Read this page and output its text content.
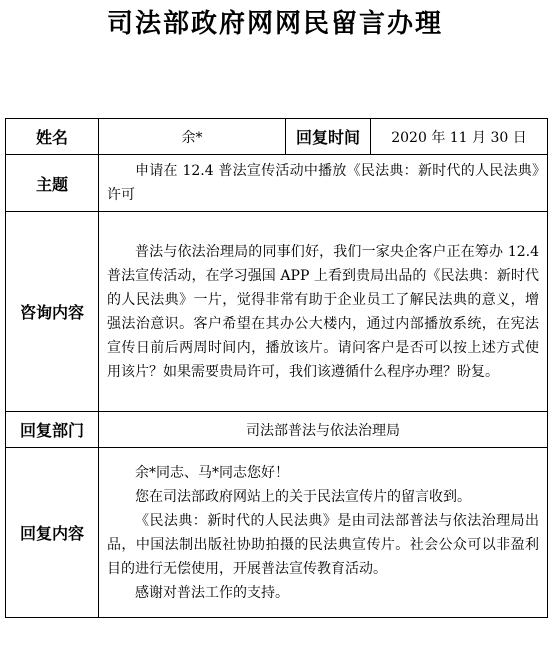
司法部政府网网民留言办理
姓名	余*	回复时间	2020 年 11 月 30 日
主题	申请在 12.4 普法宣传活动中播放《民法典：新时代的人民法典》许可		

咨询内容	普法与依法治理局的同事们好，我们一家央企客户正在筹办 12.4 普法宣传活动，在学习强国 APP 上看到贵局出品的《民法典：新时代的人民法典》一片，觉得非常有助于企业员工了解民法典的意义，增强法治意识。客户希望在其办公大楼内，通过内部播放系统，在宪法宣传日前后两周时间内，播放该片。请问客户是否可以按上述方式使用该片？如果需要贵局许可，我们该遵循什么程序办理？盼复。		

回复部门	司法部普法与依法治理局		
回复内容	余*同志、马*同志您好！

您在司法部政府网站上的关于民法宣传片的留言收到。

《民法典：新时代的人民法典》是由司法部普法与依法治理局出品，中国法制出版社协助拍摄的民法典宣传片。社会公众可以非盈利目的进行无偿使用，开展普法宣传教育活动。

感谢对普法工作的支持。		
